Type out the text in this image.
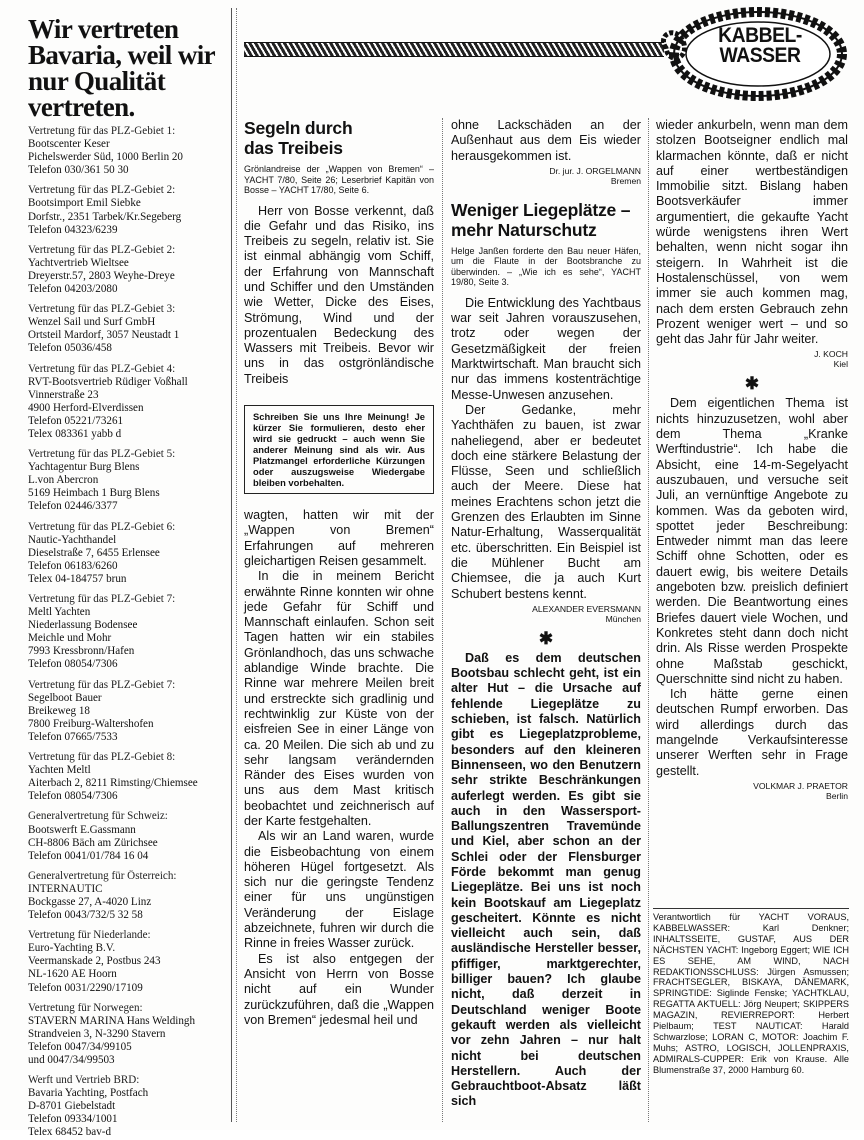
Wir vertreten
Bavaria, weil wir
nur Qualität
vertreten.
Vertretung für das PLZ-Gebiet 1:
Bootscenter Keser
Pichelswerder Süd, 1000 Berlin 20
Telefon 030/361 50 30
Vertretung für das PLZ-Gebiet 2:
Bootsimport Emil Siebke
Dorfstr., 2351 Tarbek/Kr.Segeberg
Telefon 04323/6239
Vertretung für das PLZ-Gebiet 2:
Yachtvertrieb Wieltsee
Dreyerstr.57, 2803 Weyhe-Dreye
Telefon 04203/2080
Vertretung für das PLZ-Gebiet 3:
Wenzel Sail und Surf GmbH
Ortsteil Mardorf, 3057 Neustadt 1
Telefon 05036/458
Vertretung für das PLZ-Gebiet 4:
RVT-Bootsvertrieb Rüdiger Voßhall
Vinnerstraße 23
4900 Herford-Elverdissen
Telefon 05221/73261
Telex 083361 yabb d
Vertretung für das PLZ-Gebiet 5:
Yachtagentur Burg Blens
L.von Abercron
5169 Heimbach 1 Burg Blens
Telefon 02446/3377
Vertretung für das PLZ-Gebiet 6:
Nautic-Yachthandel
Dieselstraße 7, 6455 Erlensee
Telefon 06183/6260
Telex 04-184757 brun
Vertretung für das PLZ-Gebiet 7:
Meltl Yachten
Niederlassung Bodensee
Meichle und Mohr
7993 Kressbronn/Hafen
Telefon 08054/7306
Vertretung für das PLZ-Gebiet 7:
Segelboot Bauer
Breikeweg 18
7800 Freiburg-Waltershofen
Telefon 07665/7533
Vertretung für das PLZ-Gebiet 8:
Yachten Meltl
Aiterbach 2, 8211 Rimsting/Chiemsee
Telefon 08054/7306
Generalvertretung für Schweiz:
Bootswerft E.Gassmann
CH-8806 Bäch am Zürichsee
Telefon 0041/01/784 16 04
Generalvertretung für Österreich:
INTERNAUTIC
Bockgasse 27, A-4020 Linz
Telefon 0043/732/5 32 58
Vertretung für Niederlande:
Euro-Yachting B.V.
Veermanskade 2, Postbus 243
NL-1620 AE Hoorn
Telefon 0031/2290/17109
Vertretung für Norwegen:
STAVERN MARINA Hans Weldingh
Strandveien 3, N-3290 Stavern
Telefon 0047/34/99105
und 0047/34/99503
Werft und Vertrieb BRD:
Bavaria Yachting, Postfach
D-8701 Giebelstadt
Telefon 09334/1001
Telex 68452 bav-d
KABBEL-
WASSER
Segeln durch
das Treibeis
Grönlandreise der „Wappen von Bremen“ – YACHT 7/80, Seite 26; Leserbrief Kapitän von Bosse – YACHT 17/80, Seite 6.

Herr von Bosse verkennt, daß die Gefahr und das Risiko, ins Treibeis zu segeln, relativ ist. Sie ist einmal abhängig vom Schiff, der Erfahrung von Mannschaft und Schiffer und den Umständen wie Wetter, Dicke des Eises, Strömung, Wind und der prozentualen Bedeckung des Wassers mit Treibeis. Bevor wir uns in das ostgrönländische Treibeis

Schreiben Sie uns Ihre Meinung! Je kürzer Sie formulieren, desto eher wird sie gedruckt – auch wenn Sie anderer Meinung sind als wir. Aus Platzmangel erforderliche Kürzungen oder auszugsweise Wiedergabe bleiben vorbehalten.

wagten, hatten wir mit der „Wappen von Bremen“ Erfahrungen auf mehreren gleichartigen Reisen gesammelt.

In die in meinem Bericht erwähnte Rinne konnten wir ohne jede Gefahr für Schiff und Mannschaft einlaufen. Schon seit Tagen hatten wir ein stabiles Grönlandhoch, das uns schwache ablandige Winde brachte. Die Rinne war mehrere Meilen breit und erstreckte sich gradlinig und rechtwinklig zur Küste von der eisfreien See in einer Länge von ca. 20 Meilen. Die sich ab und zu sehr langsam verändernden Ränder des Eises wurden von uns aus dem Mast kritisch beobachtet und zeichnerisch auf der Karte festgehalten.

Als wir an Land waren, wurde die Eisbeobachtung von einem höheren Hügel fortgesetzt. Als sich nur die geringste Tendenz einer für uns ungünstigen Veränderung der Eislage abzeichnete, fuhren wir durch die Rinne in freies Wasser zurück.

Es ist also entgegen der Ansicht von Herrn von Bosse nicht auf ein Wunder zurückzuführen, daß die „Wappen von Bremen“ jedesmal heil und

ohne Lackschäden an der Außenhaut aus dem Eis wieder herausgekommen ist.

Dr. jur. J. ORGELMANN
Bremen
Weniger Liegeplätze –
mehr Naturschutz
Helge Janßen forderte den Bau neuer Häfen, um die Flaute in der Bootsbranche zu überwinden. – „Wie ich es sehe“, YACHT 19/80, Seite 3.

Die Entwicklung des Yachtbaus war seit Jahren vorauszusehen, trotz oder wegen der Gesetzmäßigkeit der freien Marktwirtschaft. Man braucht sich nur das immens kostenträchtige Messe-Unwesen anzusehen.

Der Gedanke, mehr Yachthäfen zu bauen, ist zwar naheliegend, aber er bedeutet doch eine stärkere Belastung der Flüsse, Seen und schließlich auch der Meere. Diese hat meines Erachtens schon jetzt die Grenzen des Erlaubten im Sinne Natur-Erhaltung, Wasserqualität etc. überschritten. Ein Beispiel ist die Mühlener Bucht am Chiemsee, die ja auch Kurt Schubert bestens kennt.

ALEXANDER EVERSMANN
München
✱

Daß es dem deutschen Bootsbau schlecht geht, ist ein alter Hut – die Ursache auf fehlende Liegeplätze zu schieben, ist falsch. Natürlich gibt es Liegeplatzprobleme, besonders auf den kleineren Binnenseen, wo den Benutzern sehr strikte Beschränkungen auferlegt werden. Es gibt sie auch in den Wassersport-Ballungszentren Travemünde und Kiel, aber schon an der Schlei oder der Flensburger Förde bekommt man genug Liegeplätze. Bei uns ist noch kein Bootskauf am Liegeplatz gescheitert. Könnte es nicht vielleicht auch sein, daß ausländische Hersteller besser, pfiffiger, marktgerechter, billiger bauen? Ich glaube nicht, daß derzeit in Deutschland weniger Boote gekauft werden als vielleicht vor zehn Jahren – nur halt nicht bei deutschen Herstellern. Auch der Gebrauchtboot-Absatz läßt sich

wieder ankurbeln, wenn man dem stolzen Bootseigner endlich mal klarmachen könnte, daß er nicht auf einer wertbeständigen Immobilie sitzt. Bislang haben Bootsverkäufer immer argumentiert, die gekaufte Yacht würde wenigstens ihren Wert behalten, wenn nicht sogar ihn steigern. In Wahrheit ist die Hostalenschüssel, von wem immer sie auch kommen mag, nach dem ersten Gebrauch zehn Prozent weniger wert – und so geht das Jahr für Jahr weiter.

J. KOCH
Kiel
✱

Dem eigentlichen Thema ist nichts hinzuzusetzen, wohl aber dem Thema „Kranke Werftindustrie“. Ich habe die Absicht, eine 14-m-Segelyacht auszubauen, und versuche seit Juli, an vernünftige Angebote zu kommen. Was da geboten wird, spottet jeder Beschreibung: Entweder nimmt man das leere Schiff ohne Schotten, oder es dauert ewig, bis weitere Details angeboten bzw. preislich definiert werden. Die Beantwortung eines Briefes dauert viele Wochen, und Konkretes steht dann doch nicht drin. Als Risse werden Prospekte ohne Maßstab geschickt, Querschnitte sind nicht zu haben.

Ich hätte gerne einen deutschen Rumpf erworben. Das wird allerdings durch das mangelnde Verkaufsinteresse unserer Werften sehr in Frage gestellt.

VOLKMAR J. PRAETOR
Berlin
Verantwortlich für YACHT VORAUS, KABBELWASSER: Karl Denkner; INHALTSSEITE, GUSTAF, AUS DER NÄCHSTEN YACHT: Ingeborg Eggert; WIE ICH ES SEHE, AM WIND, NACH REDAKTIONSSCHLUSS: Jürgen Asmussen; FRACHTSEGLER, BISKAYA, DÄNEMARK, SPRINGTIDE: Siglinde Fenske; YACHTKLAU, REGATTA AKTUELL: Jörg Neupert; SKIPPERS MAGAZIN, REVIERREPORT: Herbert Pielbaum; TEST NAUTICAT: Harald Schwarzlose; LORAN C, MOTOR: Joachim F. Muhs; ASTRO, LOGISCH, JOLLENPRAXIS, ADMIRALS-CUPPER: Erik von Krause. Alle Blumenstraße 37, 2000 Hamburg 60.
